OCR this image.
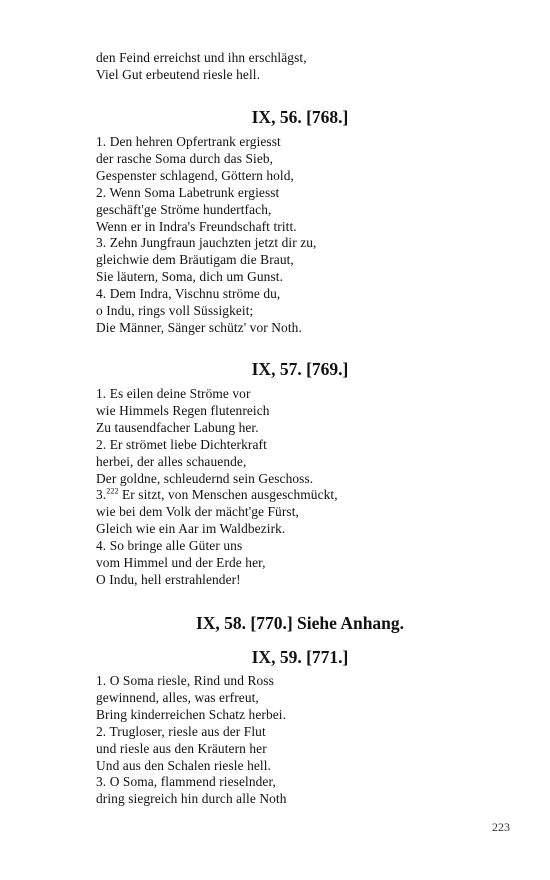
den Feind erreichst und ihn erschlägst,
Viel Gut erbeutend riesle hell.
IX, 56. [768.]
1. Den hehren Opfertrank ergiesst
der rasche Soma durch das Sieb,
Gespenster schlagend, Göttern hold,
2. Wenn Soma Labetrunk ergiesst
geschäft'ge Ströme hundertfach,
Wenn er in Indra's Freundschaft tritt.
3. Zehn Jungfraun jauchzten jetzt dir zu,
gleichwie dem Bräutigam die Braut,
Sie läutern, Soma, dich um Gunst.
4. Dem Indra, Vischnu ströme du,
o Indu, rings voll Süssigkeit;
Die Männer, Sänger schütz' vor Noth.
IX, 57. [769.]
1. Es eilen deine Ströme vor
wie Himmels Regen flutenreich
Zu tausendfacher Labung her.
2. Er strömet liebe Dichterkraft
herbei, der alles schauende,
Der goldne, schleudernd sein Geschoss.
3.$^{222}$ Er sitzt, von Menschen ausgeschmückt,
wie bei dem Volk der mächt'ge Fürst,
Gleich wie ein Aar im Waldbezirk.
4. So bringe alle Güter uns
vom Himmel und der Erde her,
O Indu, hell erstrahlender!
IX, 58. [770.] Siehe Anhang.
IX, 59. [771.]
1. O Soma riesle, Rind und Ross
gewinnend, alles, was erfreut,
Bring kinderreichen Schatz herbei.
2. Trugloser, riesle aus der Flut
und riesle aus den Kräutern her
Und aus den Schalen riesle hell.
3. O Soma, flammend rieselnder,
dring siegreich hin durch alle Noth
223
